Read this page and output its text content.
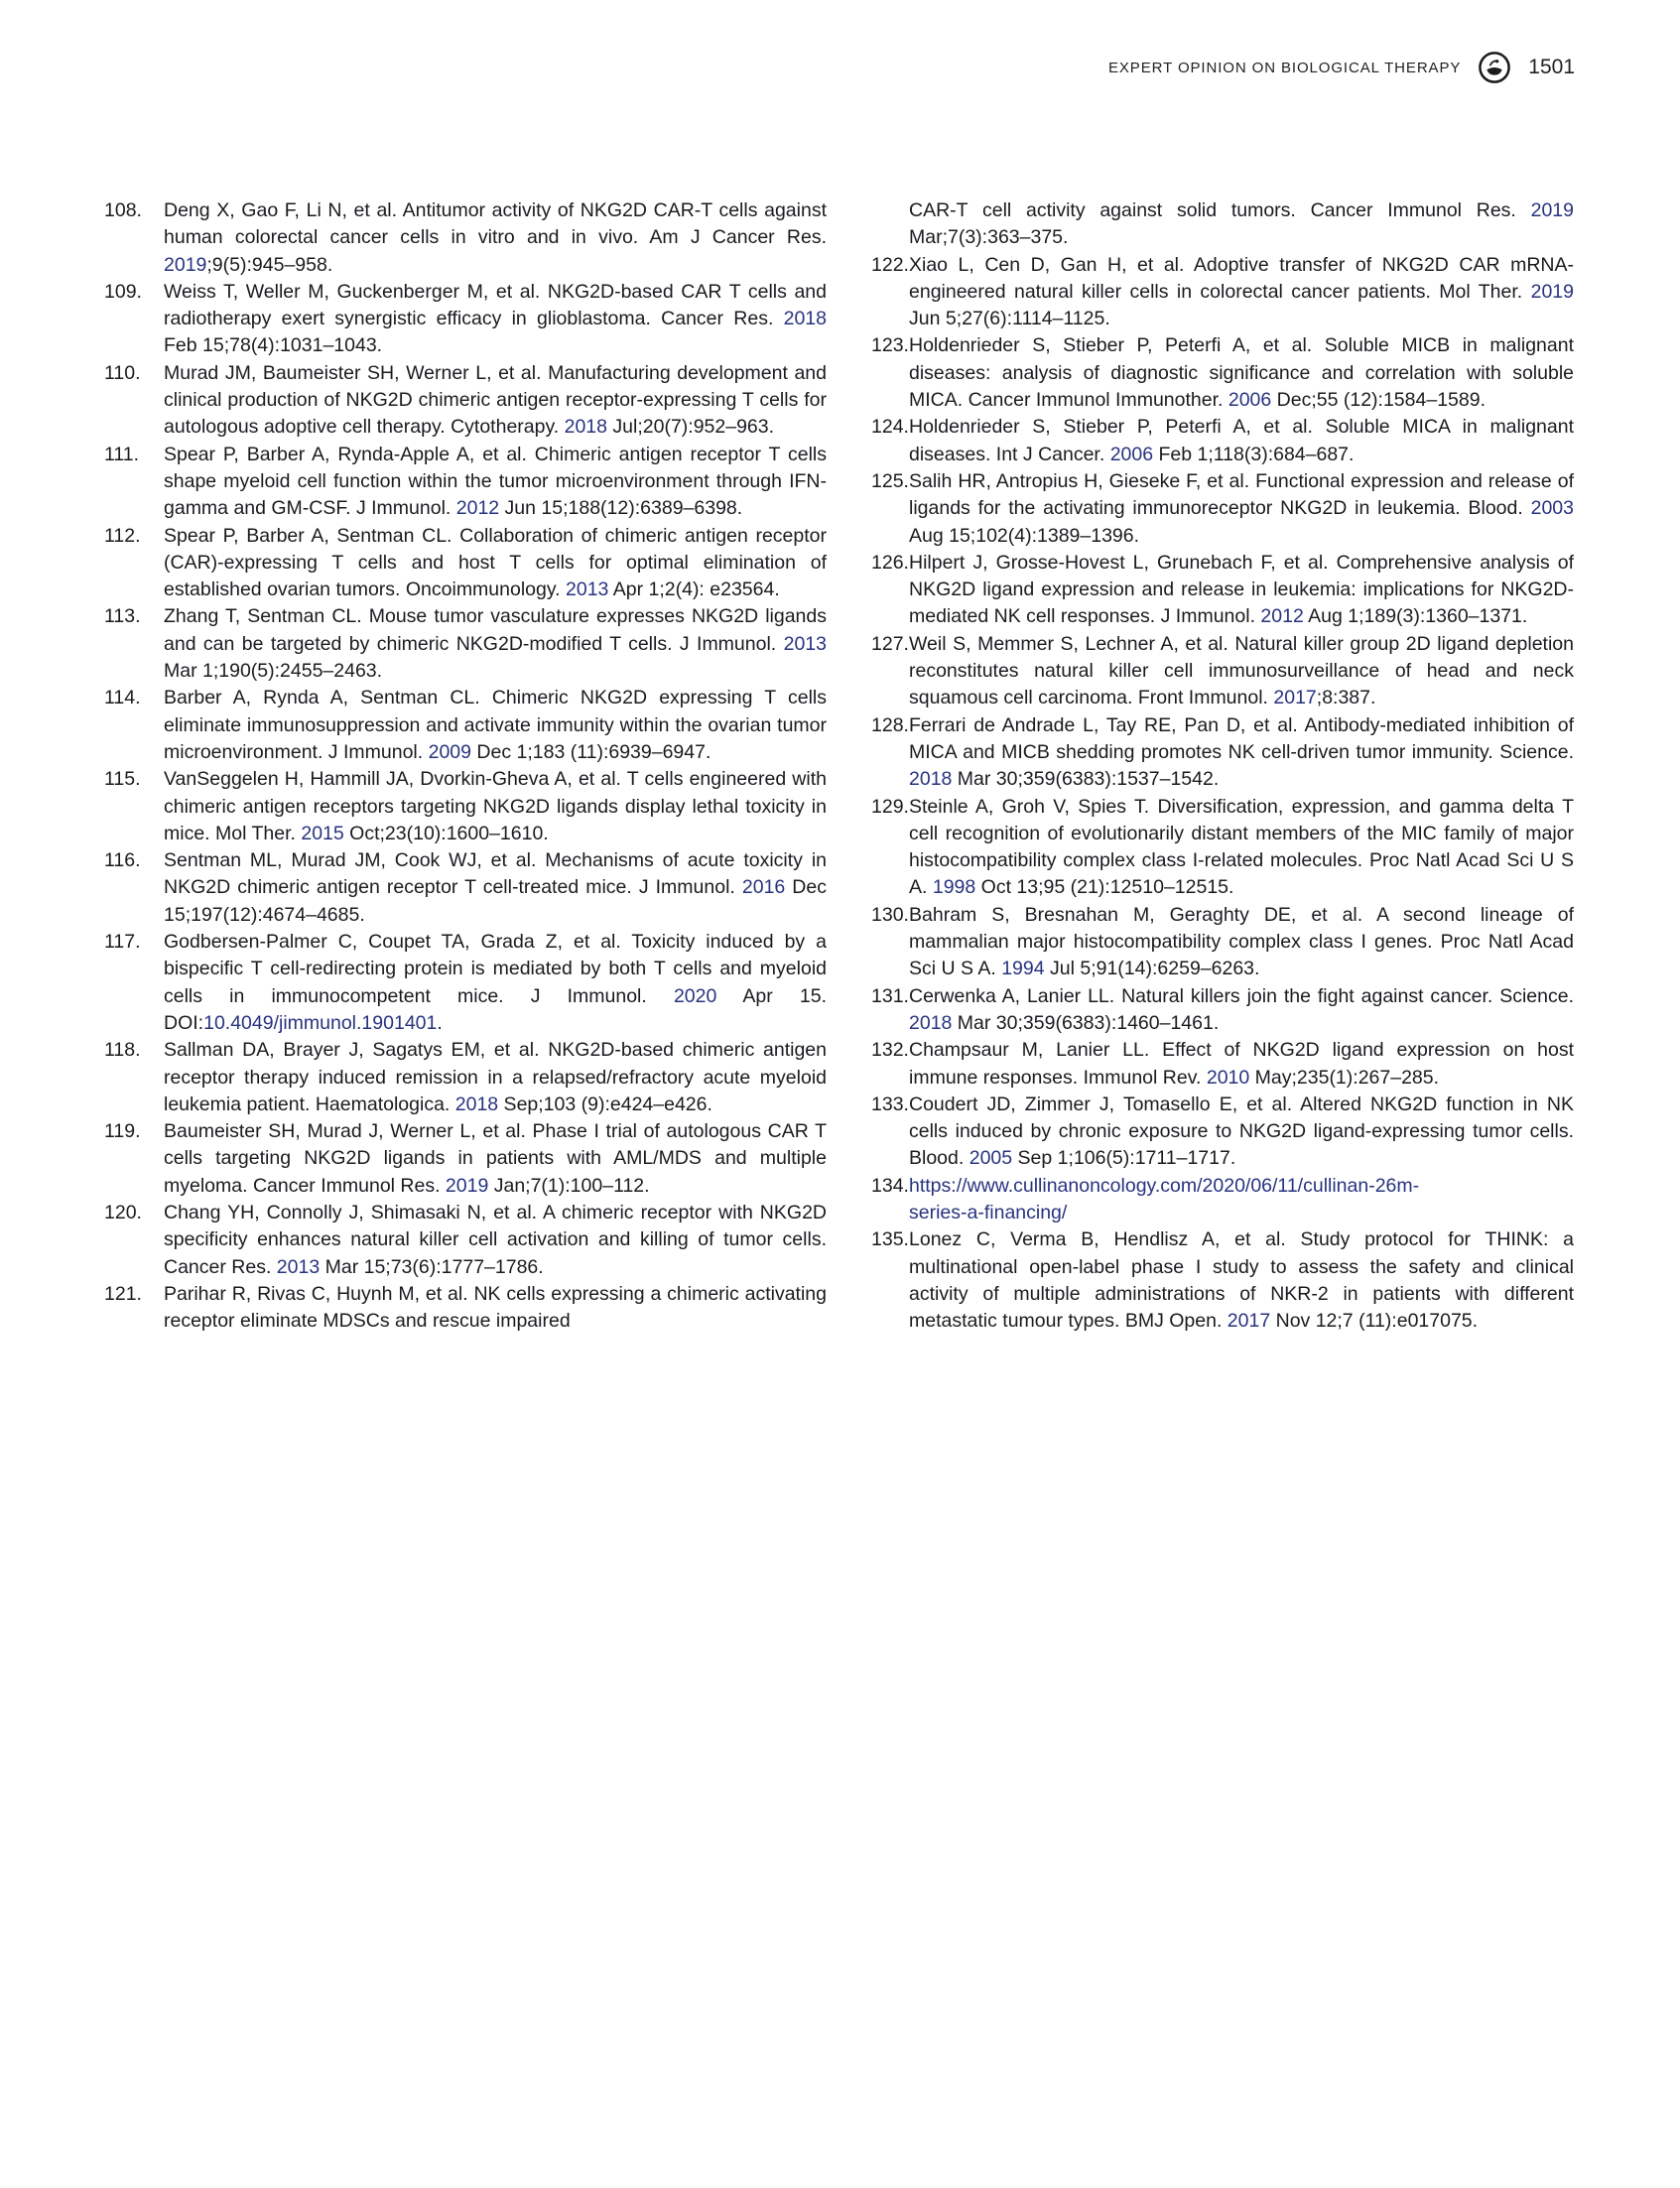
EXPERT OPINION ON BIOLOGICAL THERAPY	1501
108.	Deng X, Gao F, Li N, et al. Antitumor activity of NKG2D CAR-T cells against human colorectal cancer cells in vitro and in vivo. Am J Cancer Res. 2019;9(5):945–958.
109.	Weiss T, Weller M, Guckenberger M, et al. NKG2D-based CAR T cells and radiotherapy exert synergistic efficacy in glioblastoma. Cancer Res. 2018 Feb 15;78(4):1031–1043.
110.	Murad JM, Baumeister SH, Werner L, et al. Manufacturing development and clinical production of NKG2D chimeric antigen receptor-expressing T cells for autologous adoptive cell therapy. Cytotherapy. 2018 Jul;20(7):952–963.
111.	Spear P, Barber A, Rynda-Apple A, et al. Chimeric antigen receptor T cells shape myeloid cell function within the tumor microenvironment through IFN-gamma and GM-CSF. J Immunol. 2012 Jun 15;188(12):6389–6398.
112.	Spear P, Barber A, Sentman CL. Collaboration of chimeric antigen receptor (CAR)-expressing T cells and host T cells for optimal elimination of established ovarian tumors. Oncoimmunology. 2013 Apr 1;2(4): e23564.
113.	Zhang T, Sentman CL. Mouse tumor vasculature expresses NKG2D ligands and can be targeted by chimeric NKG2D-modified T cells. J Immunol. 2013 Mar 1;190(5):2455–2463.
114.	Barber A, Rynda A, Sentman CL. Chimeric NKG2D expressing T cells eliminate immunosuppression and activate immunity within the ovarian tumor microenvironment. J Immunol. 2009 Dec 1;183 (11):6939–6947.
115.	VanSeggelen H, Hammill JA, Dvorkin-Gheva A, et al. T cells engineered with chimeric antigen receptors targeting NKG2D ligands display lethal toxicity in mice. Mol Ther. 2015 Oct;23(10):1600–1610.
116.	Sentman ML, Murad JM, Cook WJ, et al. Mechanisms of acute toxicity in NKG2D chimeric antigen receptor T cell-treated mice. J Immunol. 2016 Dec 15;197(12):4674–4685.
117.	Godbersen-Palmer C, Coupet TA, Grada Z, et al. Toxicity induced by a bispecific T cell-redirecting protein is mediated by both T cells and myeloid cells in immunocompetent mice. J Immunol. 2020 Apr 15. DOI:10.4049/jimmunol.1901401.
118.	Sallman DA, Brayer J, Sagatys EM, et al. NKG2D-based chimeric antigen receptor therapy induced remission in a relapsed/refractory acute myeloid leukemia patient. Haematologica. 2018 Sep;103 (9):e424–e426.
119.	Baumeister SH, Murad J, Werner L, et al. Phase I trial of autologous CAR T cells targeting NKG2D ligands in patients with AML/MDS and multiple myeloma. Cancer Immunol Res. 2019 Jan;7(1):100–112.
120.	Chang YH, Connolly J, Shimasaki N, et al. A chimeric receptor with NKG2D specificity enhances natural killer cell activation and killing of tumor cells. Cancer Res. 2013 Mar 15;73(6):1777–1786.
121.	Parihar R, Rivas C, Huynh M, et al. NK cells expressing a chimeric activating receptor eliminate MDSCs and rescue impaired
CAR-T cell activity against solid tumors. Cancer Immunol Res. 2019 Mar;7(3):363–375.
122. Xiao L, Cen D, Gan H, et al. Adoptive transfer of NKG2D CAR mRNA-engineered natural killer cells in colorectal cancer patients. Mol Ther. 2019 Jun 5;27(6):1114–1125.
123. Holdenrieder S, Stieber P, Peterfi A, et al. Soluble MICB in malignant diseases: analysis of diagnostic significance and correlation with soluble MICA. Cancer Immunol Immunother. 2006 Dec;55 (12):1584–1589.
124. Holdenrieder S, Stieber P, Peterfi A, et al. Soluble MICA in malignant diseases. Int J Cancer. 2006 Feb 1;118(3):684–687.
125. Salih HR, Antropius H, Gieseke F, et al. Functional expression and release of ligands for the activating immunoreceptor NKG2D in leukemia. Blood. 2003 Aug 15;102(4):1389–1396.
126. Hilpert J, Grosse-Hovest L, Grunebach F, et al. Comprehensive analysis of NKG2D ligand expression and release in leukemia: implications for NKG2D-mediated NK cell responses. J Immunol. 2012 Aug 1;189(3):1360–1371.
127. Weil S, Memmer S, Lechner A, et al. Natural killer group 2D ligand depletion reconstitutes natural killer cell immunosurveillance of head and neck squamous cell carcinoma. Front Immunol. 2017;8:387.
128. Ferrari de Andrade L, Tay RE, Pan D, et al. Antibody-mediated inhibition of MICA and MICB shedding promotes NK cell-driven tumor immunity. Science. 2018 Mar 30;359(6383):1537–1542.
129. Steinle A, Groh V, Spies T. Diversification, expression, and gamma delta T cell recognition of evolutionarily distant members of the MIC family of major histocompatibility complex class I-related molecules. Proc Natl Acad Sci U S A. 1998 Oct 13;95 (21):12510–12515.
130. Bahram S, Bresnahan M, Geraghty DE, et al. A second lineage of mammalian major histocompatibility complex class I genes. Proc Natl Acad Sci U S A. 1994 Jul 5;91(14):6259–6263.
131. Cerwenka A, Lanier LL. Natural killers join the fight against cancer. Science. 2018 Mar 30;359(6383):1460–1461.
132. Champsaur M, Lanier LL. Effect of NKG2D ligand expression on host immune responses. Immunol Rev. 2010 May;235(1):267–285.
133. Coudert JD, Zimmer J, Tomasello E, et al. Altered NKG2D function in NK cells induced by chronic exposure to NKG2D ligand-expressing tumor cells. Blood. 2005 Sep 1;106(5):1711–1717.
134. https://www.cullinanoncology.com/2020/06/11/cullinan-26m-
series-a-financing/
135. Lonez C, Verma B, Hendlisz A, et al. Study protocol for THINK: a multinational open-label phase I study to assess the safety and clinical activity of multiple administrations of NKR-2 in patients with different metastatic tumour types. BMJ Open. 2017 Nov 12;7 (11):e017075.
